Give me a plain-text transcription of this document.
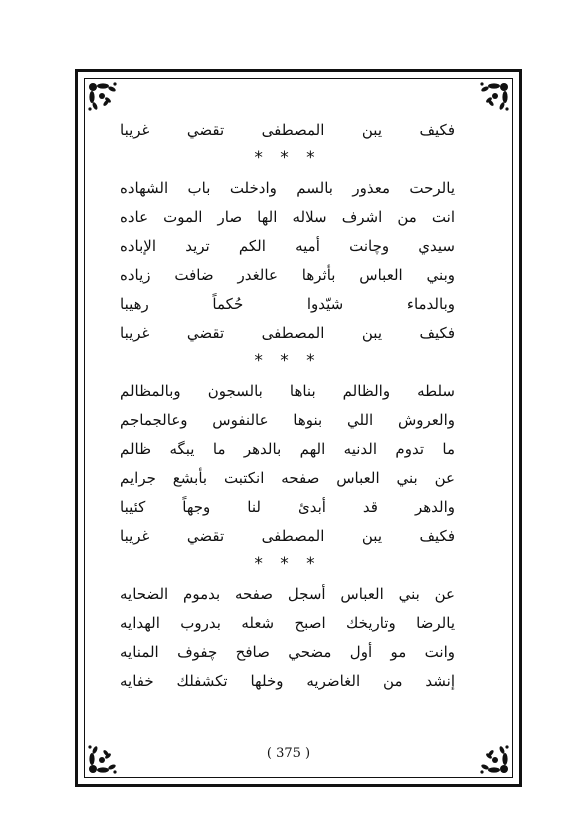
فكيف يبن المصطفى تقضي غريبا
* * *
يالرحت معذور بالسم وادخلت باب الشهاده
انت من اشرف سلاله الها صار الموت عاده
سيدي وچانت أميه الكم تريد الإباده
وبني العباس بأثرها عالغدر ضافت زياده
وبالدماء شيّدوا حُكماً رهيبا
فكيف يبن المصطفى تقضي غريبا
* * *
سلطه والظالم بناها بالسجون وبالمظالم
والعروش اللي بنوها عالنفوس وعالجماجم
ما تدوم الدنيه الهم بالدهر ما يبگه ظالم
عن بني العباس صفحه انكتبت بأبشع جرايم
والدهر قد أبدئ لنا وجهاً كئيبا
فكيف يبن المصطفى تقضي غريبا
* * *
عن بني العباس أسجل صفحه بدموم الضحايه
يالرضا وتاريخك اصبح شعله بدروب الهدايه
وانت مو أول مضحي صافح چفوف المنايه
إنشد من الغاضريه وخلها تكشفلك خفايه
( 375 )
